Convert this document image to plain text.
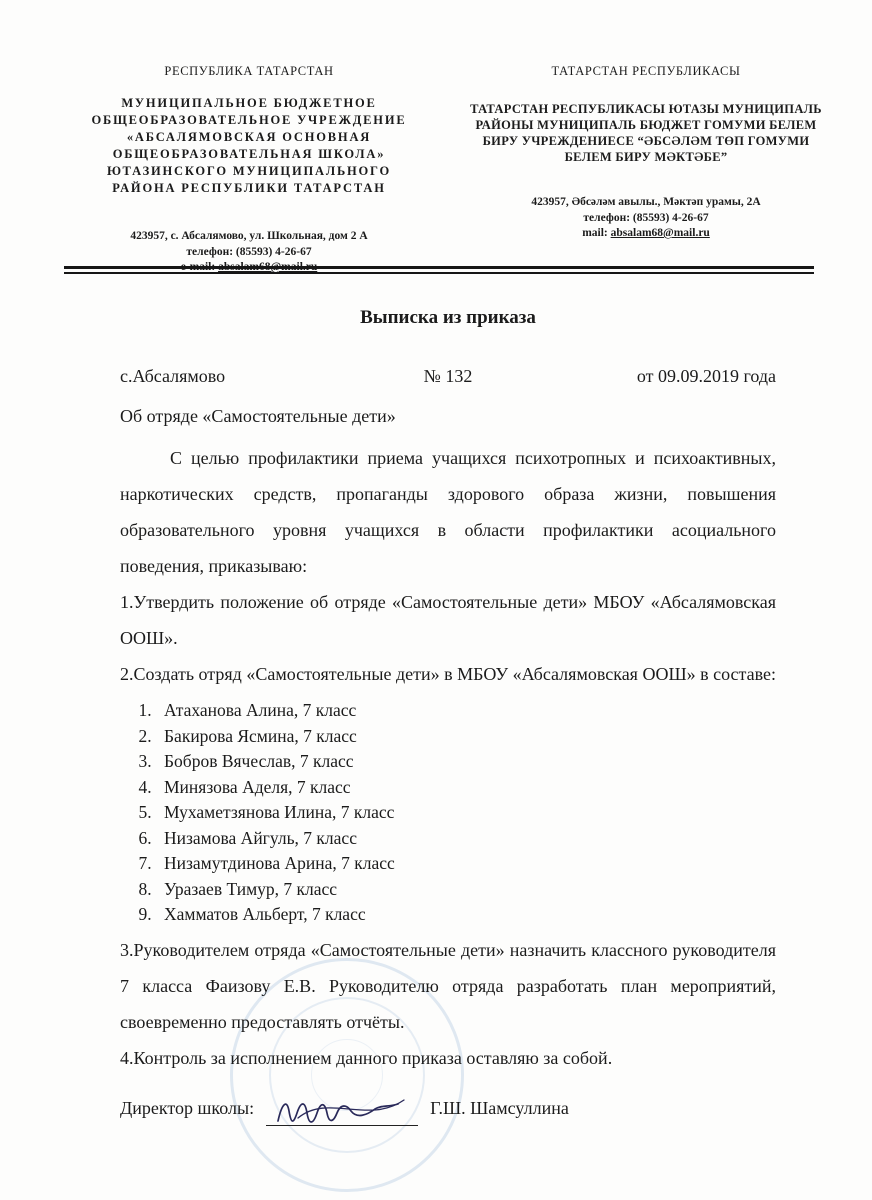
РЕСПУБЛИКА ТАТАРСТАН
МУНИЦИПАЛЬНОЕ БЮДЖЕТНОЕ ОБЩЕОБРАЗОВАТЕЛЬНОЕ УЧРЕЖДЕНИЕ «АБСАЛЯМОВСКАЯ ОСНОВНАЯ ОБЩЕОБРАЗОВАТЕЛЬНАЯ ШКОЛА» ЮТАЗИНСКОГО МУНИЦИПАЛЬНОГО РАЙОНА РЕСПУБЛИКИ ТАТАРСТАН
423957, с. Абсалямово, ул. Школьная, дом 2 А
телефон: (85593) 4-26-67
e-mail: absalam68@mail.ru
ТАТАРСТАН РЕСПУБЛИКАСЫ
ТАТАРСТАН РЕСПУБЛИКАСЫ ЮТАЗЫ МУНИЦИПАЛЬ РАЙОНЫ МУНИЦИПАЛЬ БЮДЖЕТ ГОМУМИ БЕЛЕМ БИРУ УЧРЕЖДЕНИЕСЕ “ӘБСӘЛӘМ ТӨП ГОМУМИ БЕЛЕМ БИРУ МӘКТӘБЕ”
423957, Әбсәләм авылы., Мәктәп урамы, 2А
телефон: (85593) 4-26-67
mail: absalam68@mail.ru
Выписка из приказа
с.Абсалямово	№ 132	от 09.09.2019 года
Об отряде «Самостоятельные дети»

С целью профилактики приема учащихся психотропных и психоактивных, наркотических средств, пропаганды здорового образа жизни, повышения образовательного уровня учащихся в области профилактики асоциального поведения, приказываю:

1.Утвердить положение об отряде «Самостоятельные дети» МБОУ «Абсалямовская ООШ».

2.Создать отряд «Самостоятельные дети» в МБОУ «Абсалямовская ООШ» в составе:

1. Атаханова Алина, 7 класс
2. Бакирова Ясмина, 7 класс
3. Бобров Вячеслав, 7 класс
4. Минязова Аделя, 7 класс
5. Мухаметзянова Илина, 7 класс
6. Низамова Айгуль, 7 класс
7. Низамутдинова Арина, 7 класс
8. Уразаев Тимур, 7 класс
9. Хамматов Альберт, 7 класс

3.Руководителем отряда «Самостоятельные дети» назначить классного руководителя 7 класса Фаизову Е.В. Руководителю отряда разработать план мероприятий, своевременно предоставлять отчёты.

4.Контроль за исполнением данного приказа оставляю за собой.

Директор школы:	Г.Ш. Шамсуллина
